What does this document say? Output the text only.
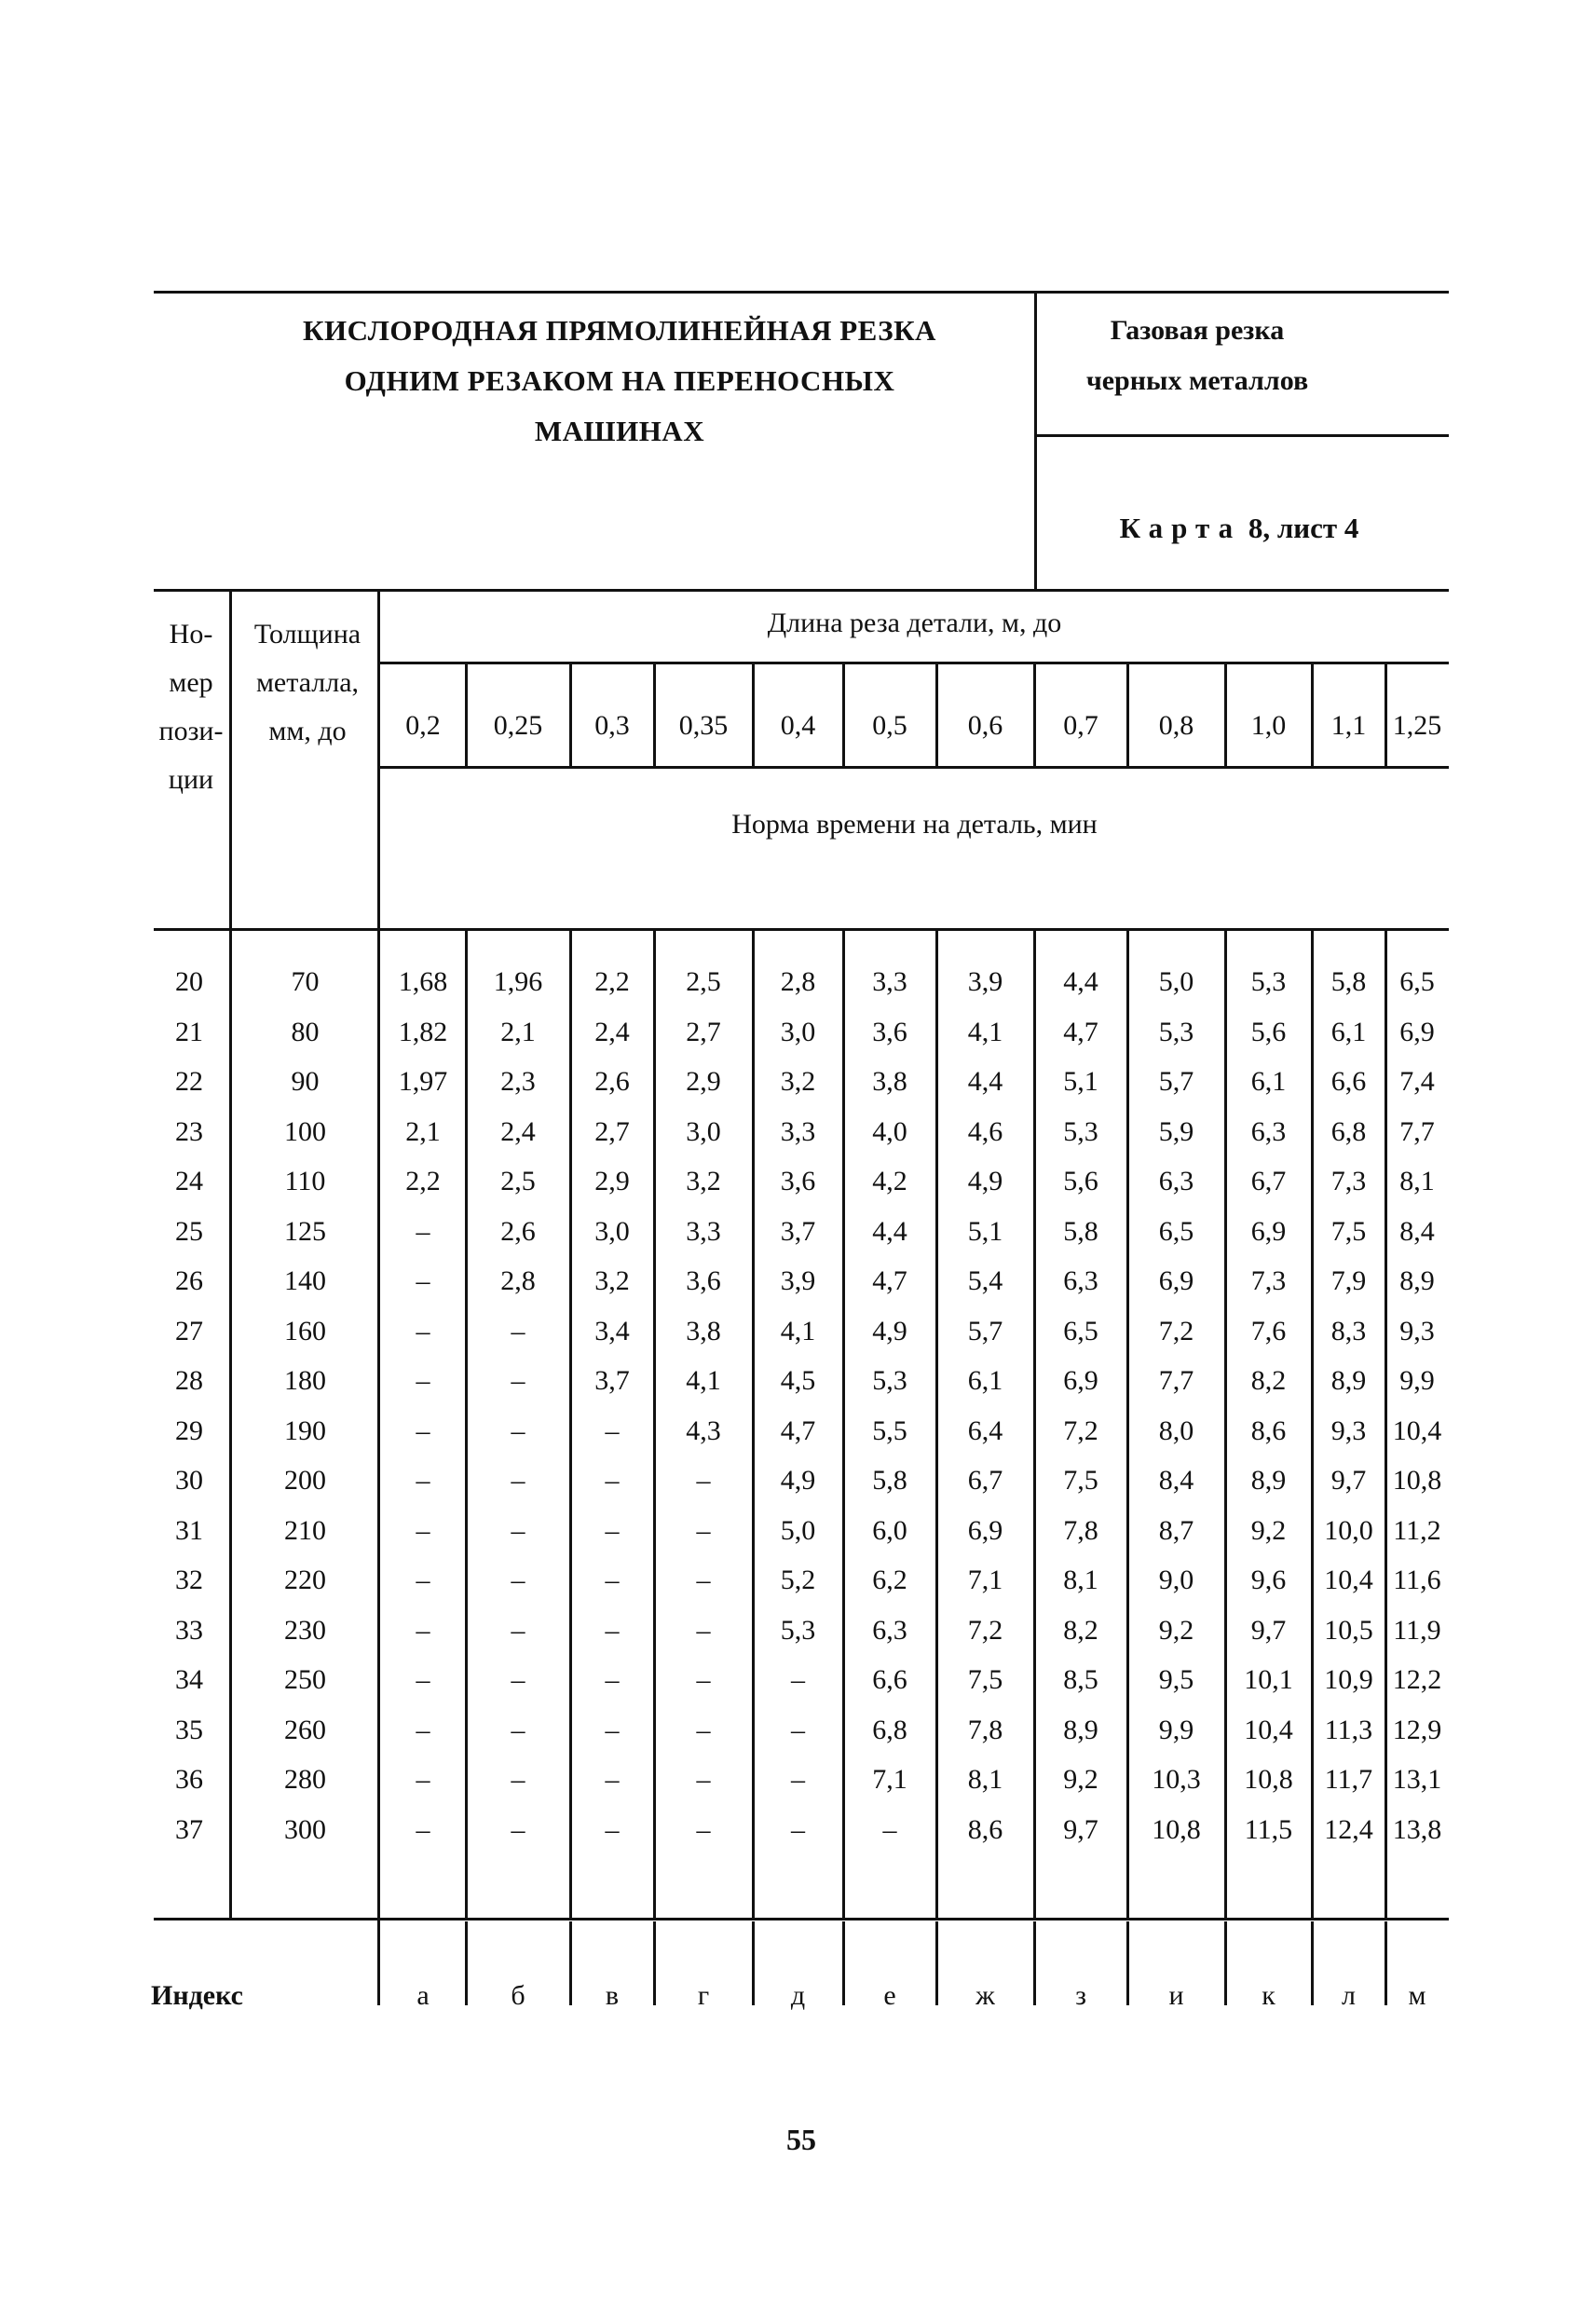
КИСЛОРОДНАЯ ПРЯМОЛИНЕЙНАЯ РЕЗКА
ОДНИМ РЕЗАКОМ НА ПЕРЕНОСНЫХ
МАШИНАХ
Газовая резка
черных металлов
Карта 8, лист 4
Но-
мер
пози-
ции
Толщина
металла,
мм, до
Длина реза детали, м, до
Норма времени на деталь, мин
0,2	0,25	0,3	0,35	0,4	0,5	0,6	0,7	0,8	1,0	1,1 1,25
20	70	1,68	1,96	2,2	2,5	2,8	3,3	3,9	4,4	5,0	5,3	5,8	6,5
21	80	1,82	2,1	2,4	2,7	3,0	3,6	4,1	4,7	5,3	5,6	6,1	6,9
22	90	1,97	2,3	2,6	2,9	3,2	3,8	4,4	5,1	5,7	6,1	6,6	7,4
23	100	2,1	2,4	2,7	3,0	3,3	4,0	4,6	5,3	5,9	6,3	6,8	7,7
24	110	2,2	2,5	2,9	3,2	3,6	4,2	4,9	5,6	6,3	6,7	7,3	8,1
25	125	–	2,6	3,0	3,3	3,7	4,4	5,1	5,8	6,5	6,9	7,5	8,4
26	140	–	2,8	3,2	3,6	3,9	4,7	5,4	6,3	6,9	7,3	7,9	8,9
27	160	–	–	3,4	3,8	4,1	4,9	5,7	6,5	7,2	7,6	8,3	9,3
28	180	–	–	3,7	4,1	4,5	5,3	6,1	6,9	7,7	8,2	8,9	9,9
29	190	–	–	–	4,3	4,7	5,5	6,4	7,2	8,0	8,6	9,3 10,4
30	200	–	–	–	–	4,9	5,8	6,7	7,5	8,4	8,9	9,7 10,8
31	210	–	–	–	–	5,0	6,0	6,9	7,8	8,7	9,2	10,0 11,2
32	220	–	–	–	–	5,2	6,2	7,1	8,1	9,0	9,6	10,4 11,6
33	230	–	–	–	–	5,3	6,3	7,2	8,2	9,2	9,7	10,5 11,9
34	250	–	–	–	–	–	6,6	7,5	8,5	9,5	10,1	10,9 12,2
35	260	–	–	–	–	–	6,8	7,8	8,9	9,9	10,4	11,3 12,9
36	280	–	–	–	–	–	7,1	8,1	9,2	10,3	10,8	11,7 13,1
37	300	–	–	–	–	–	–	8,6	9,7	10,8	11,5	12,4 13,8
Индекс	а	б	в	г	д	е	ж	з	и	к	л	м
55
